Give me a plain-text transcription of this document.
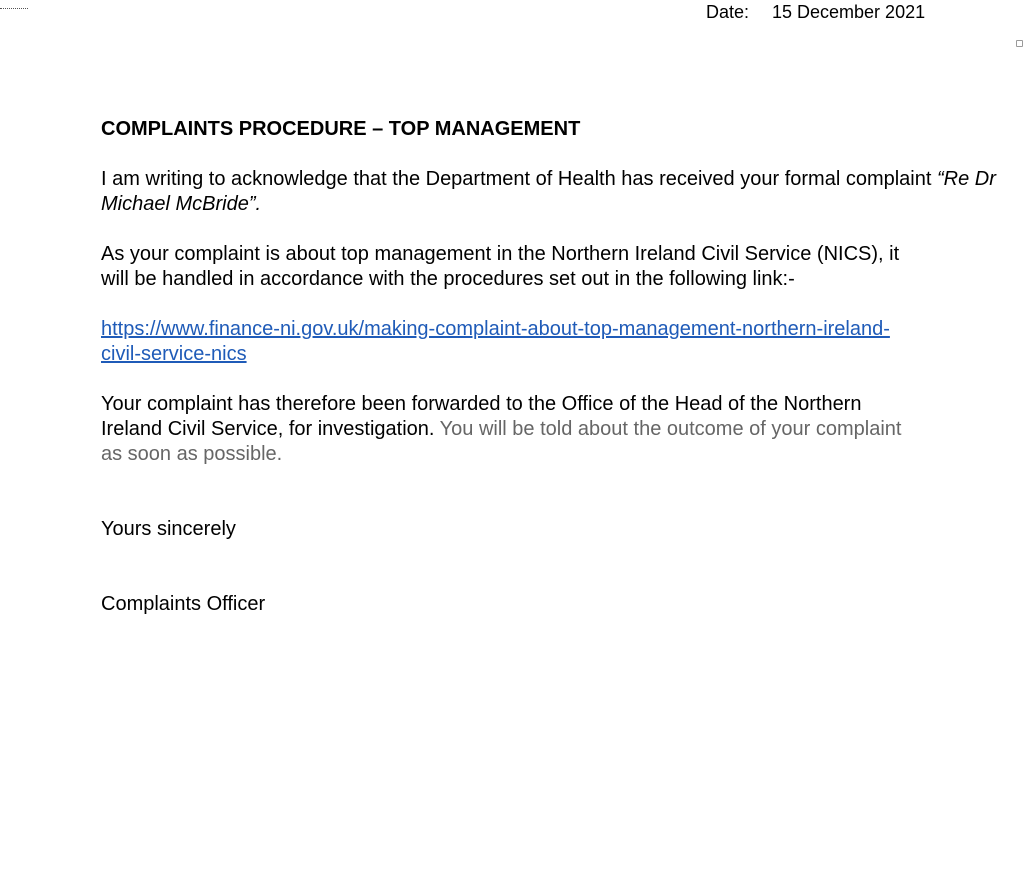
Date: 15 December 2021

COMPLAINTS PROCEDURE – TOP MANAGEMENT

I am writing to acknowledge that the Department of Health has received your formal complaint “Re Dr Michael McBride”.

As your complaint is about top management in the Northern Ireland Civil Service (NICS), it
will be handled in accordance with the procedures set out in the following link:-

https://www.finance-ni.gov.uk/making-complaint-about-top-management-northern-ireland-
civil-service-nics

Your complaint has therefore been forwarded to the Office of the Head of the Northern
Ireland Civil Service, for investigation. You will be told about the outcome of your complaint
as soon as possible.

Yours sincerely

Complaints Officer
